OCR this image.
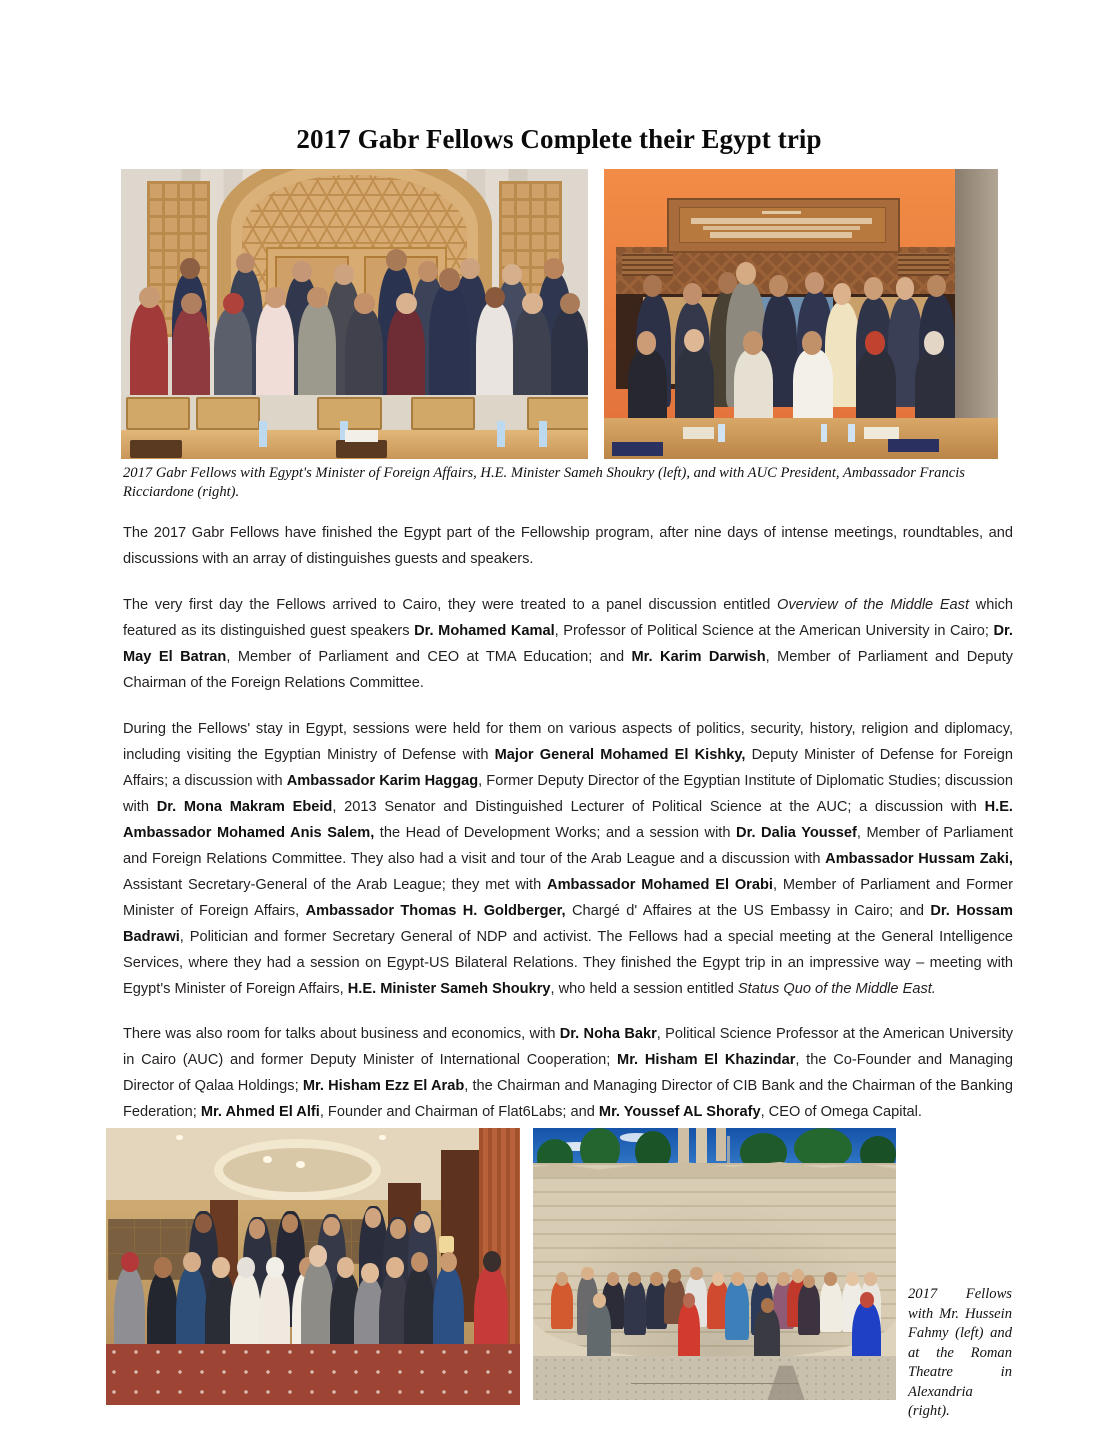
2017 Gabr Fellows Complete their Egypt trip
2017 Gabr Fellows with Egypt's Minister of Foreign Affairs, H.E. Minister Sameh Shoukry (left), and with AUC President, Ambassador Francis Ricciardone (right).

The 2017 Gabr Fellows have finished the Egypt part of the Fellowship program, after nine days of intense meetings, roundtables, and discussions with an array of distinguishes guests and speakers.

The very first day the Fellows arrived to Cairo, they were treated to a panel discussion entitled Overview of the Middle East which featured as its distinguished guest speakers Dr. Mohamed Kamal, Professor of Political Science at the American University in Cairo; Dr. May El Batran, Member of Parliament and CEO at TMA Education; and Mr. Karim Darwish, Member of Parliament and Deputy Chairman of the Foreign Relations Committee.

During the Fellows' stay in Egypt, sessions were held for them on various aspects of politics, security, history, religion and diplomacy, including visiting the Egyptian Ministry of Defense with Major General Mohamed El Kishky, Deputy Minister of Defense for Foreign Affairs; a discussion with Ambassador Karim Haggag, Former Deputy Director of the Egyptian Institute of Diplomatic Studies; discussion with Dr. Mona Makram Ebeid, 2013 Senator and Distinguished Lecturer of Political Science at the AUC; a discussion with H.E. Ambassador Mohamed Anis Salem, the Head of Development Works; and a session with Dr. Dalia Youssef, Member of Parliament and Foreign Relations Committee. They also had a visit and tour of the Arab League and a discussion with Ambassador Hussam Zaki, Assistant Secretary-General of the Arab League; they met with Ambassador Mohamed El Orabi, Member of Parliament and Former Minister of Foreign Affairs, Ambassador Thomas H. Goldberger, Chargé d' Affaires at the US Embassy in Cairo; and Dr. Hossam Badrawi, Politician and former Secretary General of NDP and activist. The Fellows had a special meeting at the General Intelligence Services, where they had a session on Egypt-US Bilateral Relations. They finished the Egypt trip in an impressive way – meeting with Egypt's Minister of Foreign Affairs, H.E. Minister Sameh Shoukry, who held a session entitled Status Quo of the Middle East.

There was also room for talks about business and economics, with Dr. Noha Bakr, Political Science Professor at the American University in Cairo (AUC) and former Deputy Minister of International Cooperation; Mr. Hisham El Khazindar, the Co-Founder and Managing Director of Qalaa Holdings; Mr. Hisham Ezz El Arab, the Chairman and Managing Director of CIB Bank and the Chairman of the Banking Federation; Mr. Ahmed El Alfi, Founder and Chairman of Flat6Labs; and Mr. Youssef AL Shorafy, CEO of Omega Capital.

2017 Fellows with Mr. Hussein Fahmy (left) and at the Roman Theatre in Alexandria (right).
